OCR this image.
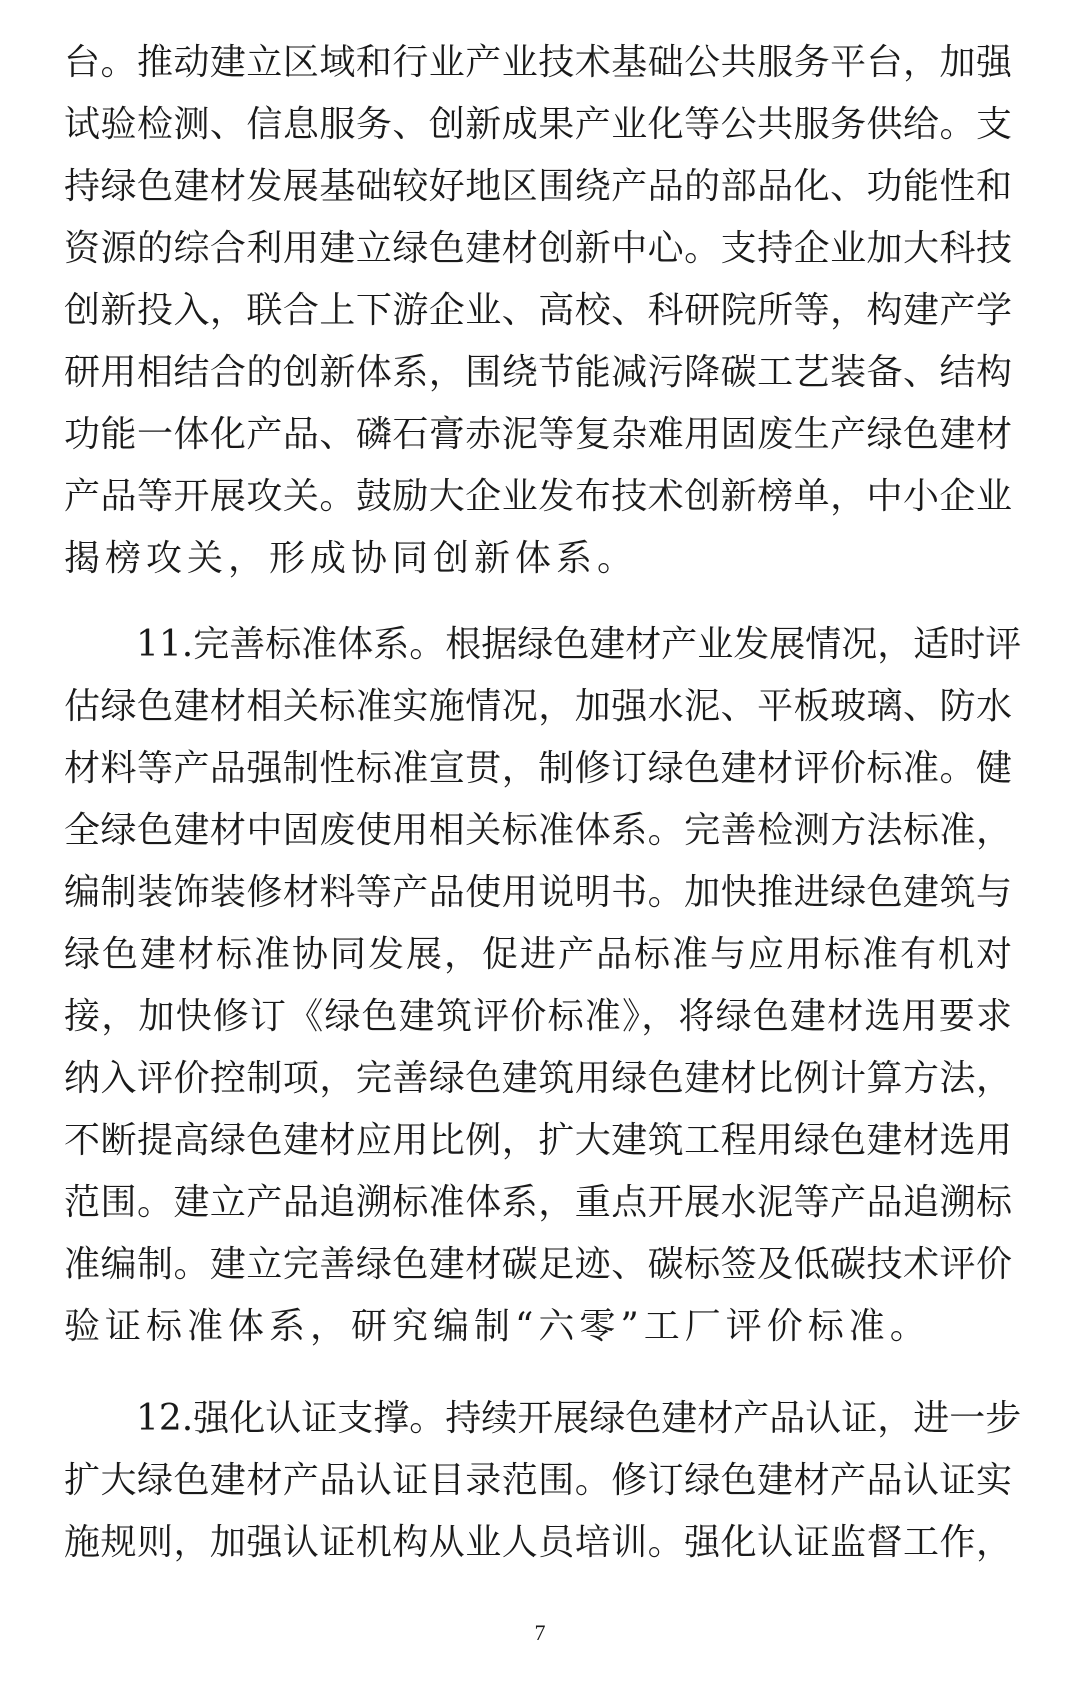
台。推动建立区域和行业产业技术基础公共服务平台，加强
试验检测、信息服务、创新成果产业化等公共服务供给。支
持绿色建材发展基础较好地区围绕产品的部品化、功能性和
资源的综合利用建立绿色建材创新中心。支持企业加大科技
创新投入，联合上下游企业、高校、科研院所等，构建产学
研用相结合的创新体系，围绕节能减污降碳工艺装备、结构
功能一体化产品、磷石膏赤泥等复杂难用固废生产绿色建材
产品等开展攻关。鼓励大企业发布技术创新榜单，中小企业
揭榜攻关，形成协同创新体系。
　　11.完善标准体系。根据绿色建材产业发展情况，适时评
估绿色建材相关标准实施情况，加强水泥、平板玻璃、防水
材料等产品强制性标准宣贯，制修订绿色建材评价标准。健
全绿色建材中固废使用相关标准体系。完善检测方法标准，
编制装饰装修材料等产品使用说明书。加快推进绿色建筑与
绿色建材标准协同发展，促进产品标准与应用标准有机对
接，加快修订《绿色建筑评价标准》，将绿色建材选用要求
纳入评价控制项，完善绿色建筑用绿色建材比例计算方法，
不断提高绿色建材应用比例，扩大建筑工程用绿色建材选用
范围。建立产品追溯标准体系，重点开展水泥等产品追溯标
准编制。建立完善绿色建材碳足迹、碳标签及低碳技术评价
验证标准体系，研究编制“六零”工厂评价标准。
　　12.强化认证支撑。持续开展绿色建材产品认证，进一步
扩大绿色建材产品认证目录范围。修订绿色建材产品认证实
施规则，加强认证机构从业人员培训。强化认证监督工作，
7
